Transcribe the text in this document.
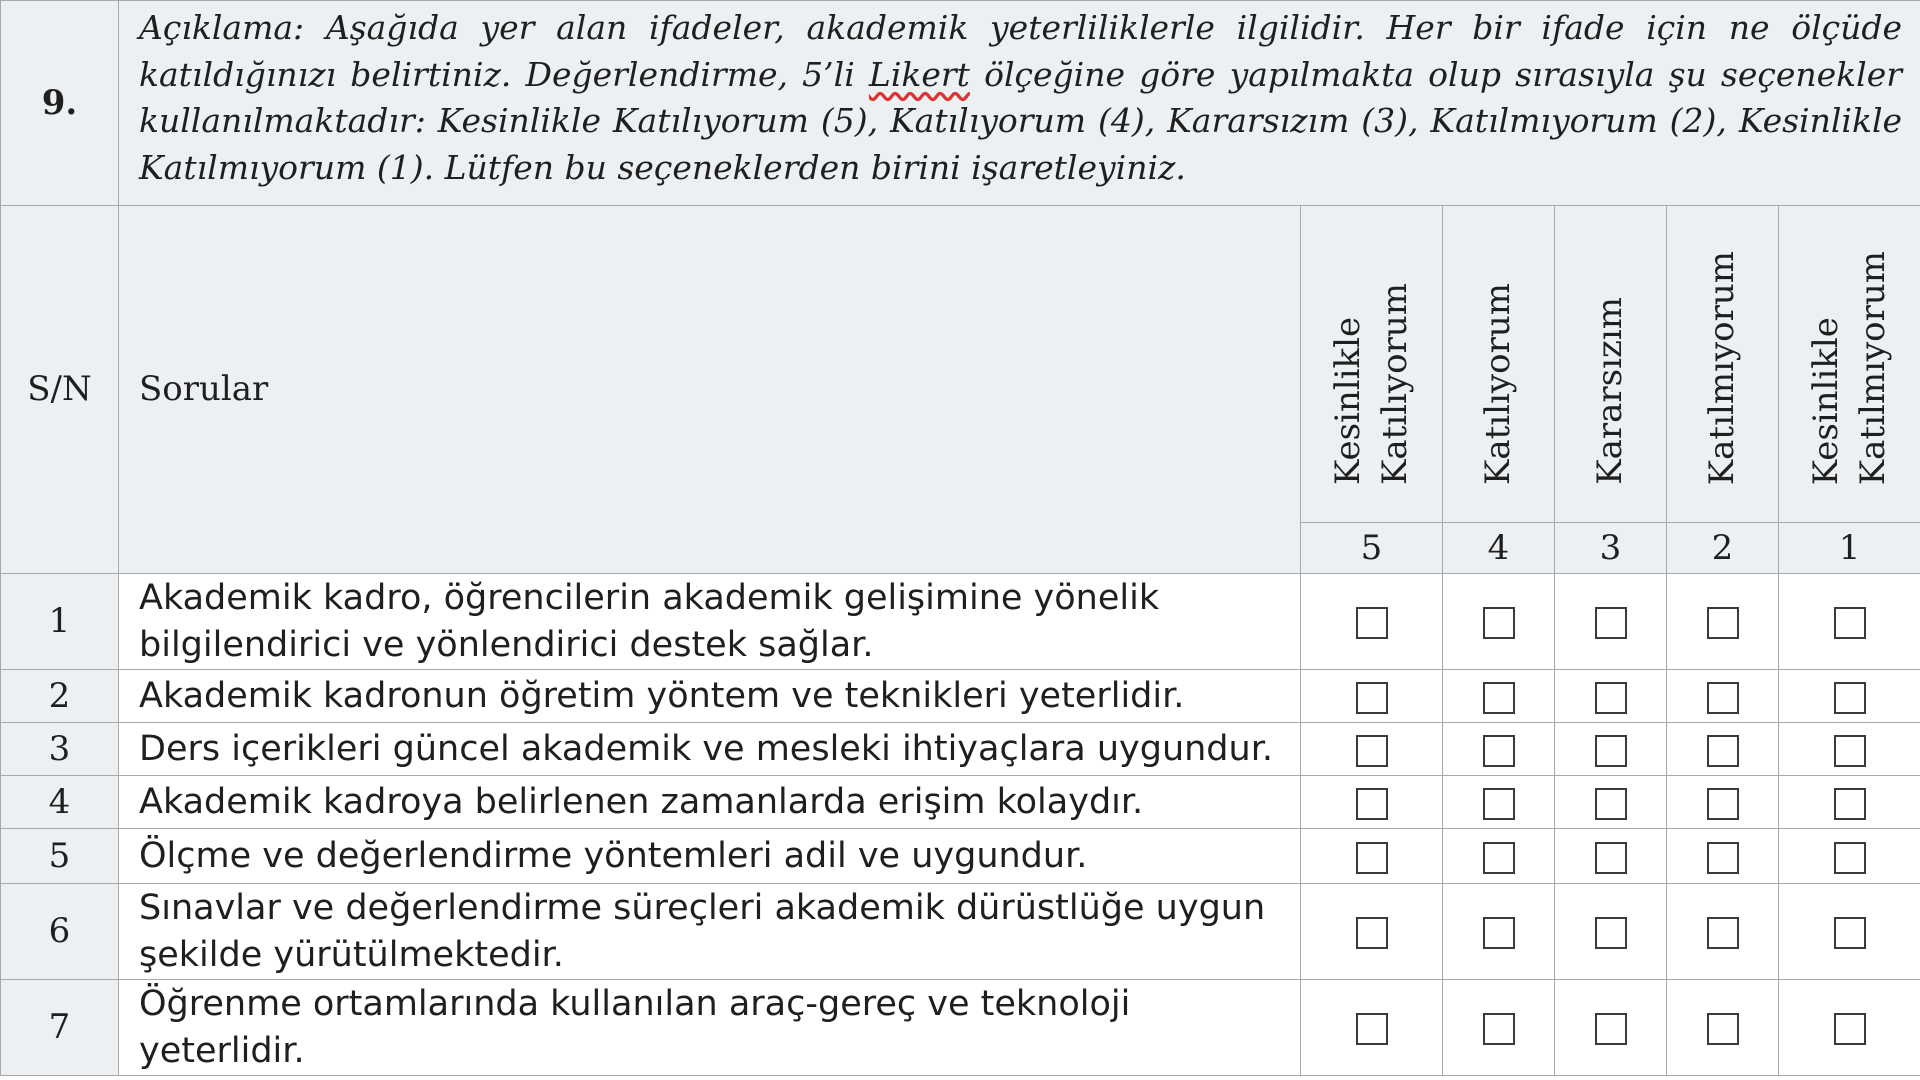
9.	Açıklama: Aşağıda yer alan ifadeler, akademik yeterliliklerle ilgilidir. Her bir ifade için ne ölçüde katıldığınızı belirtiniz. Değerlendirme, 5’li Likert ölçeğine göre yapılmakta olup sırasıyla şu seçenekler kullanılmaktadır: Kesinlikle Katılıyorum (5), Katılıyorum (4), Kararsızım (3), Katılmıyorum (2), Kesinlikle Katılmıyorum (1). Lütfen bu seçeneklerden birini işaretleyiniz.					
S/N	Sorular	Kesinlikle Katılıyorum	Katılıyorum	Kararsızım	Katılmıyorum	Kesinlikle Katılmıyorum

		5	4	3	2	1
1	Akademik kadro, öğrencilerin akademik gelişimine yönelik bilgilendirici ve yönlendirici destek sağlar.					
2	Akademik kadronun öğretim yöntem ve teknikleri yeterlidir.					
3	Ders içerikleri güncel akademik ve mesleki ihtiyaçlara uygundur.					
4	Akademik kadroya belirlenen zamanlarda erişim kolaydır.					
5	Ölçme ve değerlendirme yöntemleri adil ve uygundur.					
6	Sınavlar ve değerlendirme süreçleri akademik dürüstlüğe uygun şekilde yürütülmektedir.					
7	Öğrenme ortamlarında kullanılan araç-gereç ve teknoloji yeterlidir.					
